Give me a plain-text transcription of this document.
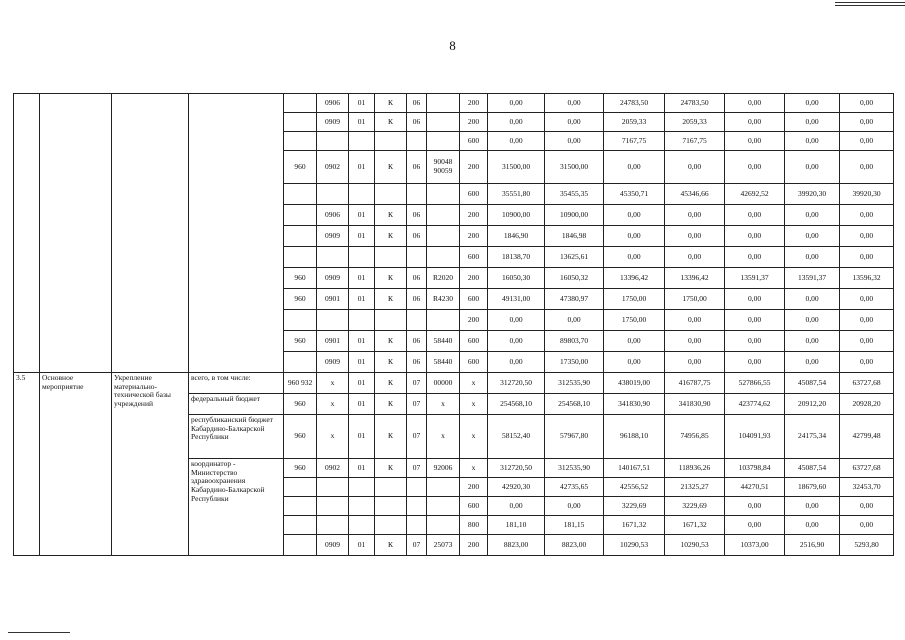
8
					0906	01	К	06		200	0,00	0,00	24783,50	24783,50	0,00	0,00	0,00
					0909	01	К	06		200	0,00	0,00	2059,33	2059,33	0,00	0,00	0,00
										600	0,00	0,00	7167,75	7167,75	0,00	0,00	0,00
				960	0902	01	К	06	90048 90059	200	31500,00	31500,00	0,00	0,00	0,00	0,00	0,00
										600	35551,80	35455,35	45350,71	45346,66	42692,52	39920,30	39920,30
					0906	01	К	06		200	10900,00	10900,00	0,00	0,00	0,00	0,00	0,00
					0909	01	К	06		200	1846,90	1846,98	0,00	0,00	0,00	0,00	0,00
										600	18138,70	13625,61	0,00	0,00	0,00	0,00	0,00
				960	0909	01	К	06	R2020	200	16050,30	16050,32	13396,42	13396,42	13591,37	13591,37	13596,32
				960	0901	01	К	06	R4230	600	49131,00	47380,97	1750,00	1750,00	0,00	0,00	0,00
										200	0,00	0,00	1750,00	0,00	0,00	0,00	0,00
				960	0901	01	К	06	58440	600	0,00	89803,70	0,00	0,00	0,00	0,00	0,00
					0909	01	К	06	58440	600	0,00	17350,00	0,00	0,00	0,00	0,00	0,00
3.5	Основное мероприятие	Укрепление материально-технической базы учреждений	всего, в том числе:	960 932	х	01	К	07	00000	х	312720,50	312535,90	438019,00	416787,75	527866,55	45087,54	63727,68
			федеральный бюджет	960	х	01	К	07	х	х	254568,10	254568,10	341830,90	341830,90	423774,62	20912,20	20928,20
			республиканский бюджет Кабардино-Балкарской Республики	960	х	01	К	07	х	х	58152,40	57967,80	96188,10	74956,85	104091,93	24175,34	42799,48
			координатор - Министерство здравоохранения Кабардино-Балкарской Республики	960	0902	01	К	07	92006	х	312720,50	312535,90	140167,51	118936,26	103798,84	45087,54	63727,68
										200	42920,30	42735,65	42556,52	21325,27	44270,51	18679,60	32453,70
										600	0,00	0,00	3229,69	3229,69	0,00	0,00	0,00
										800	181,10	181,15	1671,32	1671,32	0,00	0,00	0,00
					0909	01	К	07	25073	200	8823,00	8823,00	10290,53	10290,53	10373,00	2516,90	5293,80
